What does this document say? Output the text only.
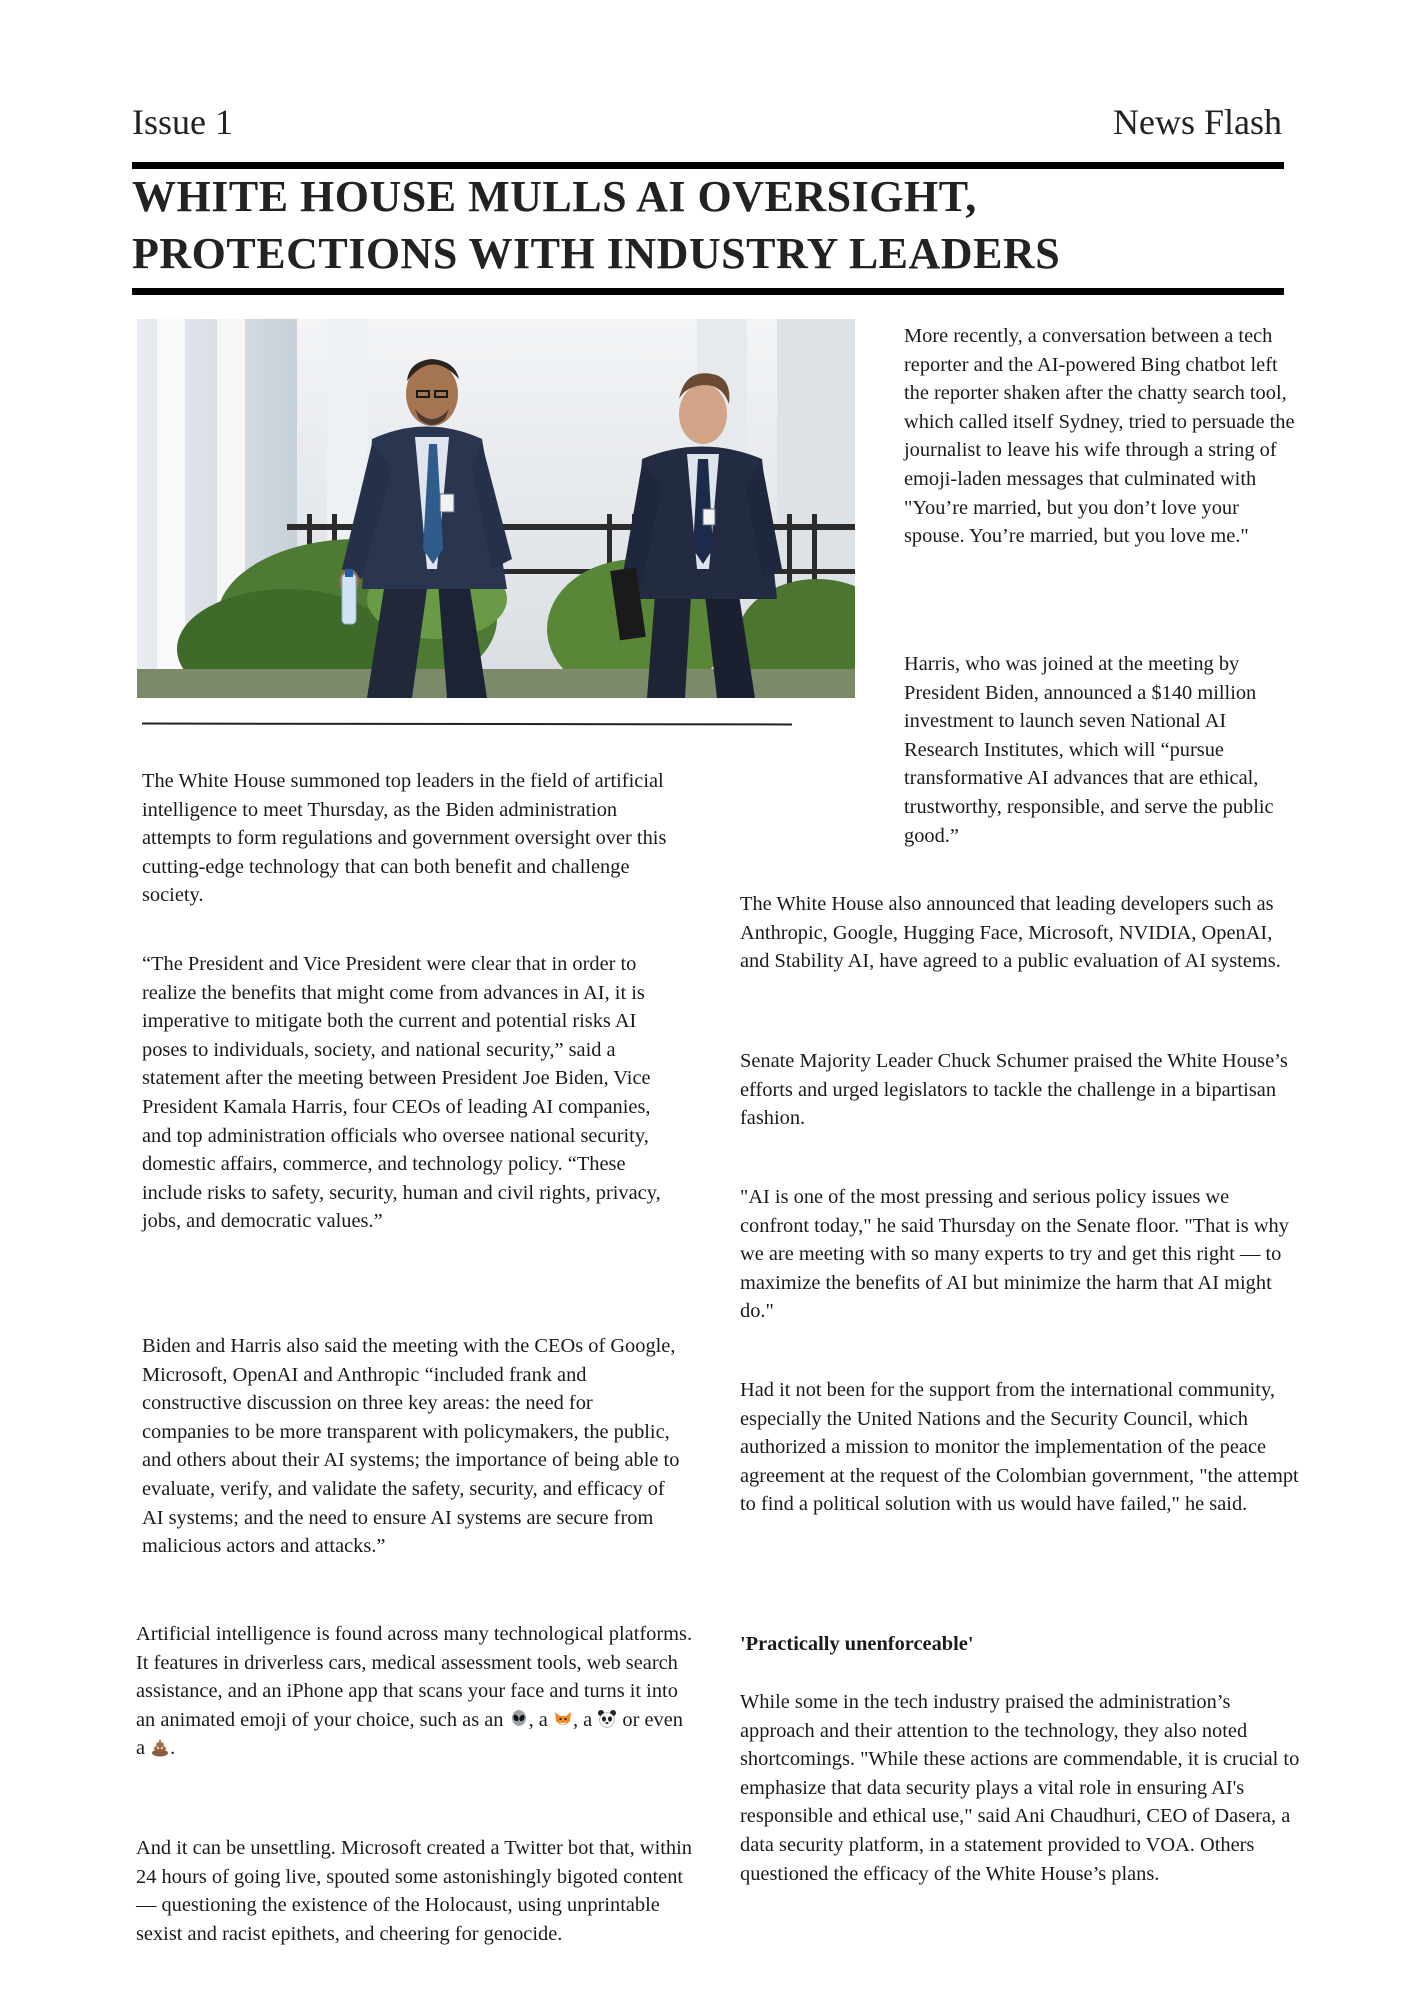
Issue 1	News Flash
WHITE HOUSE MULLS AI OVERSIGHT, PROTECTIONS WITH INDUSTRY LEADERS

The White House summoned top leaders in the field of artificial intelligence to meet Thursday, as the Biden administration attempts to form regulations and government oversight over this cutting-edge technology that can both benefit and challenge society.

“The President and Vice President were clear that in order to realize the benefits that might come from advances in AI, it is imperative to mitigate both the current and potential risks AI poses to individuals, society, and national security,” said a statement after the meeting between President Joe Biden, Vice President Kamala Harris, four CEOs of leading AI companies, and top administration officials who oversee national security, domestic affairs, commerce, and technology policy. “These include risks to safety, security, human and civil rights, privacy, jobs, and democratic values.”

Biden and Harris also said the meeting with the CEOs of Google, Microsoft, OpenAI and Anthropic “included frank and constructive discussion on three key areas: the need for companies to be more transparent with policymakers, the public, and others about their AI systems; the importance of being able to evaluate, verify, and validate the safety, security, and efficacy of AI systems; and the need to ensure AI systems are secure from malicious actors and attacks.”

Artificial intelligence is found across many technological platforms. It features in driverless cars, medical assessment tools, web search assistance, and an iPhone app that scans your face and turns it into an animated emoji of your choice, such as an , a , a or even a .

And it can be unsettling. Microsoft created a Twitter bot that, within 24 hours of going live, spouted some astonishingly bigoted content — questioning the existence of the Holocaust, using unprintable sexist and racist epithets, and cheering for genocide.

More recently, a conversation between a tech reporter and the AI-powered Bing chatbot left the reporter shaken after the chatty search tool, which called itself Sydney, tried to persuade the journalist to leave his wife through a string of emoji-laden messages that culminated with "You’re married, but you don’t love your spouse. You’re married, but you love me."

Harris, who was joined at the meeting by President Biden, announced a $140 million investment to launch seven National AI Research Institutes, which will “pursue transformative AI advances that are ethical, trustworthy, responsible, and serve the public good.”

The White House also announced that leading developers such as Anthropic, Google, Hugging Face, Microsoft, NVIDIA, OpenAI, and Stability AI, have agreed to a public evaluation of AI systems.

Senate Majority Leader Chuck Schumer praised the White House’s efforts and urged legislators to tackle the challenge in a bipartisan fashion.

"AI is one of the most pressing and serious policy issues we confront today," he said Thursday on the Senate floor. "That is why we are meeting with so many experts to try and get this right — to maximize the benefits of AI but minimize the harm that AI might do."

Had it not been for the support from the international community, especially the United Nations and the Security Council, which authorized a mission to monitor the implementation of the peace agreement at the request of the Colombian government, "the attempt to find a political solution with us would have failed," he said.

'Practically unenforceable'

While some in the tech industry praised the administration’s approach and their attention to the technology, they also noted shortcomings. "While these actions are commendable, it is crucial to emphasize that data security plays a vital role in ensuring AI's responsible and ethical use," said Ani Chaudhuri, CEO of Dasera, a data security platform, in a statement provided to VOA. Others questioned the efficacy of the White House’s plans.
